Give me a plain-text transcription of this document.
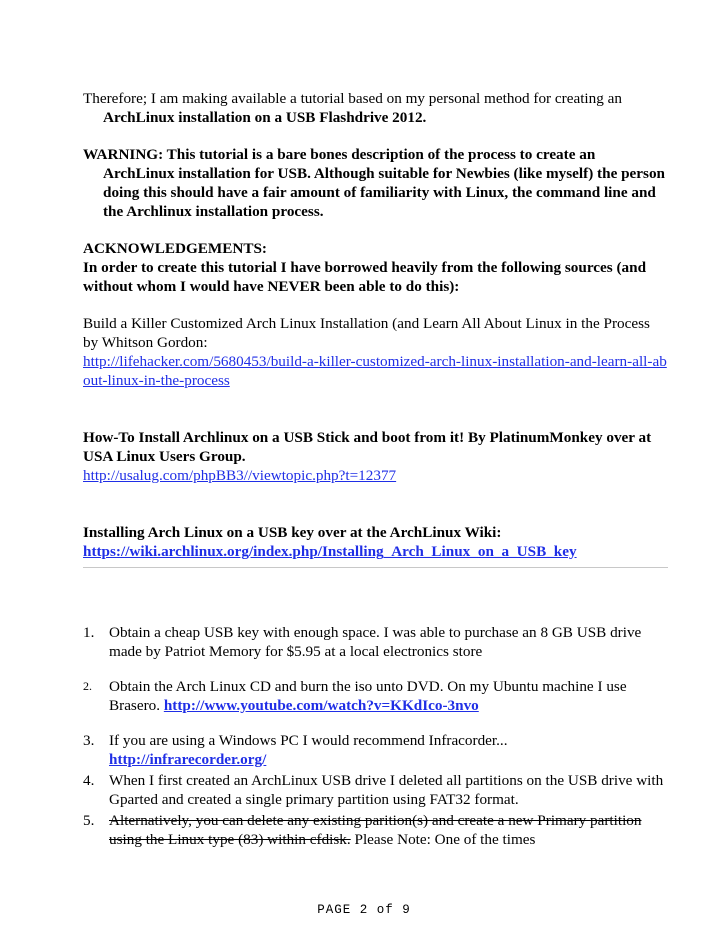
Therefore; I am making available a tutorial based on my personal method for creating an ArchLinux installation on a USB Flashdrive 2012.

WARNING: This tutorial is a bare bones description of the process to create an ArchLinux installation for USB. Although suitable for Newbies (like myself) the person doing this should have a fair amount of familiarity with Linux, the command line and the Archlinux installation process.

ACKNOWLEDGEMENTS:

In order to create this tutorial I have borrowed heavily from the following sources (and without whom I would have NEVER been able to do this):

Build a Killer Customized Arch Linux Installation (and Learn All About Linux in the Process by Whitson Gordon:

http://lifehacker.com/5680453/build-a-killer-customized-arch-linux-installation-and-learn-all-about-linux-in-the-process

How-To Install Archlinux on a USB Stick and boot from it! By PlatinumMonkey over at USA Linux Users Group.

http://usalug.com/phpBB3//viewtopic.php?t=12377

Installing Arch Linux on a USB key over at the ArchLinux Wiki:

https://wiki.archlinux.org/index.php/Installing_Arch_Linux_on_a_USB_key

1. Obtain a cheap USB key with enough space. I was able to purchase an 8 GB USB drive made by Patriot Memory for $5.95 at a local electronics store
2. Obtain the Arch Linux CD and burn the iso unto DVD. On my Ubuntu machine I use Brasero. http://www.youtube.com/watch?v=KKdIco-3nvo
3. If you are using a Windows PC I would recommend Infracorder...
http://infrarecorder.org/
4. When I first created an ArchLinux USB drive I deleted all partitions on the USB drive with Gparted and created a single primary partition using FAT32 format.
5. Alternatively, you can delete any existing parition(s) and create a new Primary partition using the Linux type (83) within cfdisk. Please Note: One of the times
PAGE 2 of 9
